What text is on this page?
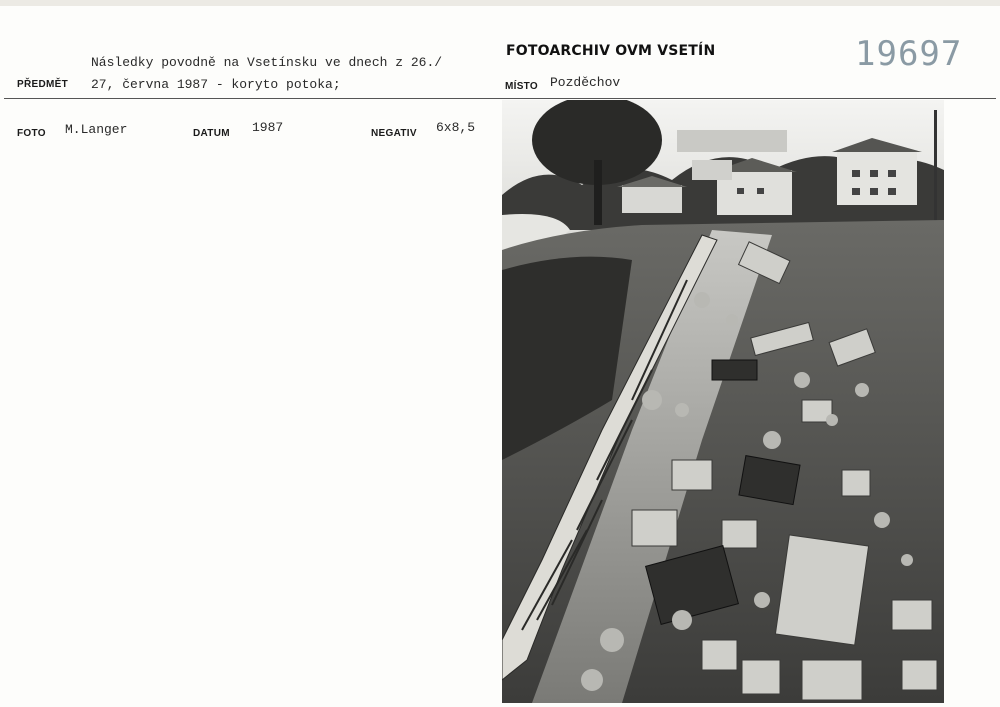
PŘEDMĚT
Následky povodně na Vsetínsku ve dnech z 26./
27, června 1987 - koryto potoka;
FOTOARCHIV OVM VSETÍN	19697
MÍSTO Pozděchov
FOTO M.Langer	DATUM 1987	NEGATIV 6x8,5
